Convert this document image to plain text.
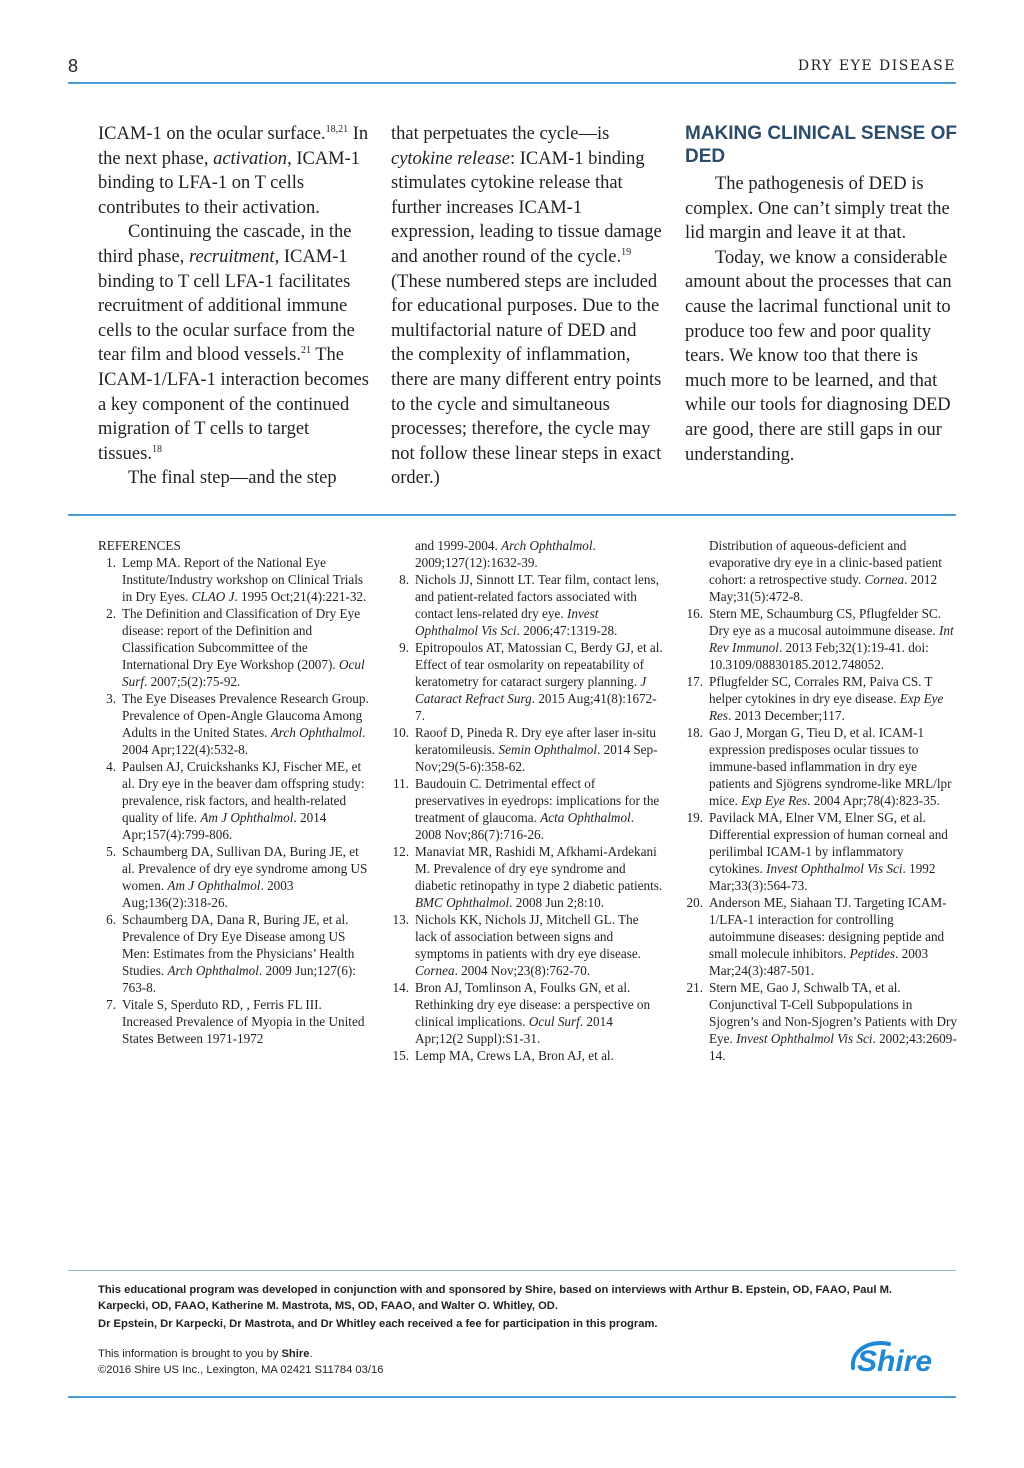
8	DRY EYE DISEASE

ICAM-1 on the ocular surface.$^{18,21}$ In the next phase, activation, ICAM-1 binding to LFA-1 on T cells contributes to their activation.

Continuing the cascade, in the third phase, recruitment, ICAM-1 binding to T cell LFA-1 facilitates recruitment of additional immune cells to the ocular surface from the tear film and blood vessels.$^{21}$ The ICAM-1/LFA-1 interaction becomes a key component of the continued migration of T cells to target tissues.$^{18}$

The final step—and the step

that perpetuates the cycle—is cytokine release: ICAM-1 binding stimulates cytokine release that further increases ICAM-1 expression, leading to tissue damage and another round of the cycle.$^{19}$ (These numbered steps are included for educational purposes. Due to the multifactorial nature of DED and the complexity of inflammation, there are many different entry points to the cycle and simultaneous processes; therefore, the cycle may not follow these linear steps in exact order.)

MAKING CLINICAL SENSE OF DED

The pathogenesis of DED is complex. One can’t simply treat the lid margin and leave it at that.

Today, we know a considerable amount about the processes that can cause the lacrimal functional unit to produce too few and poor quality tears. We know too that there is much more to be learned, and that while our tools for diagnosing DED are good, there are still gaps in our understanding.

REFERENCES
1. Lemp MA. Report of the National Eye Institute/Industry workshop on Clinical Trials in Dry Eyes. CLAO J. 1995 Oct;21(4):221-32.
2. The Definition and Classification of Dry Eye disease: report of the Definition and Classification Subcommittee of the International Dry Eye Workshop (2007). Ocul Surf. 2007;5(2):75-92.
3. The Eye Diseases Prevalence Research Group. Prevalence of Open-Angle Glaucoma Among Adults in the United States. Arch Ophthalmol. 2004 Apr;122(4):532-8.
4. Paulsen AJ, Cruickshanks KJ, Fischer ME, et al. Dry eye in the beaver dam offspring study: prevalence, risk factors, and health-related quality of life. Am J Ophthalmol. 2014 Apr;157(4):799-806.
5. Schaumberg DA, Sullivan DA, Buring JE, et al. Prevalence of dry eye syndrome among US women. Am J Ophthalmol. 2003 Aug;136(2):318-26.
6. Schaumberg DA, Dana R, Buring JE, et al. Prevalence of Dry Eye Disease among US Men: Estimates from the Physicians’ Health Studies. Arch Ophthalmol. 2009 Jun;127(6): 763-8.
7. Vitale S, Sperduto RD, , Ferris FL III. Increased Prevalence of Myopia in the United States Between 1971-1972
and 1999-2004. Arch Ophthalmol. 2009;127(12):1632-39.
8. Nichols JJ, Sinnott LT. Tear film, contact lens, and patient-related factors associated with contact lens-related dry eye. Invest Ophthalmol Vis Sci. 2006;47:1319-28.
9. Epitropoulos AT, Matossian C, Berdy GJ, et al. Effect of tear osmolarity on repeatability of keratometry for cataract surgery planning. J Cataract Refract Surg. 2015 Aug;41(8):1672-7.
10. Raoof D, Pineda R. Dry eye after laser in-situ keratomileusis. Semin Ophthalmol. 2014 Sep-Nov;29(5-6):358-62.
11. Baudouin C. Detrimental effect of preservatives in eyedrops: implications for the treatment of glaucoma. Acta Ophthalmol. 2008 Nov;86(7):716-26.
12. Manaviat MR, Rashidi M, Afkhami-Ardekani M. Prevalence of dry eye syndrome and diabetic retinopathy in type 2 diabetic patients. BMC Ophthalmol. 2008 Jun 2;8:10.
13. Nichols KK, Nichols JJ, Mitchell GL. The lack of association between signs and symptoms in patients with dry eye disease. Cornea. 2004 Nov;23(8):762-70.
14. Bron AJ, Tomlinson A, Foulks GN, et al. Rethinking dry eye disease: a perspective on clinical implications. Ocul Surf. 2014 Apr;12(2 Suppl):S1-31.
15. Lemp MA, Crews LA, Bron AJ, et al.
Distribution of aqueous-deficient and evaporative dry eye in a clinic-based patient cohort: a retrospective study. Cornea. 2012 May;31(5):472-8.
16. Stern ME, Schaumburg CS, Pflugfelder SC. Dry eye as a mucosal autoimmune disease. Int Rev Immunol. 2013 Feb;32(1):19-41. doi: 10.3109/08830185.2012.748052.
17. Pflugfelder SC, Corrales RM, Paiva CS. T helper cytokines in dry eye disease. Exp Eye Res. 2013 December;117.
18. Gao J, Morgan G, Tieu D, et al. ICAM-1 expression predisposes ocular tissues to immune-based inflammation in dry eye patients and Sjögrens syndrome-like MRL/lpr mice. Exp Eye Res. 2004 Apr;78(4):823-35.
19. Pavilack MA, Elner VM, Elner SG, et al. Differential expression of human corneal and perilimbal ICAM-1 by inflammatory cytokines. Invest Ophthalmol Vis Sci. 1992 Mar;33(3):564-73.
20. Anderson ME, Siahaan TJ. Targeting ICAM-1/LFA-1 interaction for controlling autoimmune diseases: designing peptide and small molecule inhibitors. Peptides. 2003 Mar;24(3):487-501.
21. Stern ME, Gao J, Schwalb TA, et al. Conjunctival T-Cell Subpopulations in Sjogren’s and Non-Sjogren’s Patients with Dry Eye. Invest Ophthalmol Vis Sci. 2002;43:2609-14.
This educational program was developed in conjunction with and sponsored by Shire, based on interviews with Arthur B. Epstein, OD, FAAO, Paul M. Karpecki, OD, FAAO, Katherine M. Mastrota, MS, OD, FAAO, and Walter O. Whitley, OD.
Dr Epstein, Dr Karpecki, Dr Mastrota, and Dr Whitley each received a fee for participation in this program.
This information is brought to you by Shire.
©2016 Shire US Inc., Lexington, MA 02421 S11784 03/16	Shire
